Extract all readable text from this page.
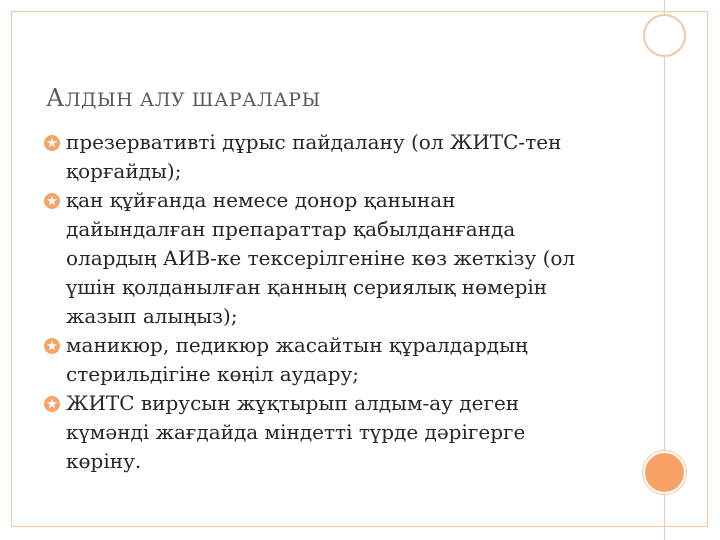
АЛДЫН АЛУ ШАРАЛАРЫ
презервативті дұрыс пайдалану (ол ЖИТС-тен
қорғайды);
қан құйғанда немесе донор қанынан
дайындалған препараттар қабылданғанда
олардың АИВ-ке тексерілгеніне көз жеткізу (ол
үшін қолданылған қанның сериялық нөмерін
жазып алыңыз);
маникюр, педикюр жасайтын құралдардың
стерильдігіне көңіл аудару;
ЖИТС вирусын жұқтырып алдым-ау деген
күмәнді жағдайда міндетті түрде дәрігерге
көріну.
